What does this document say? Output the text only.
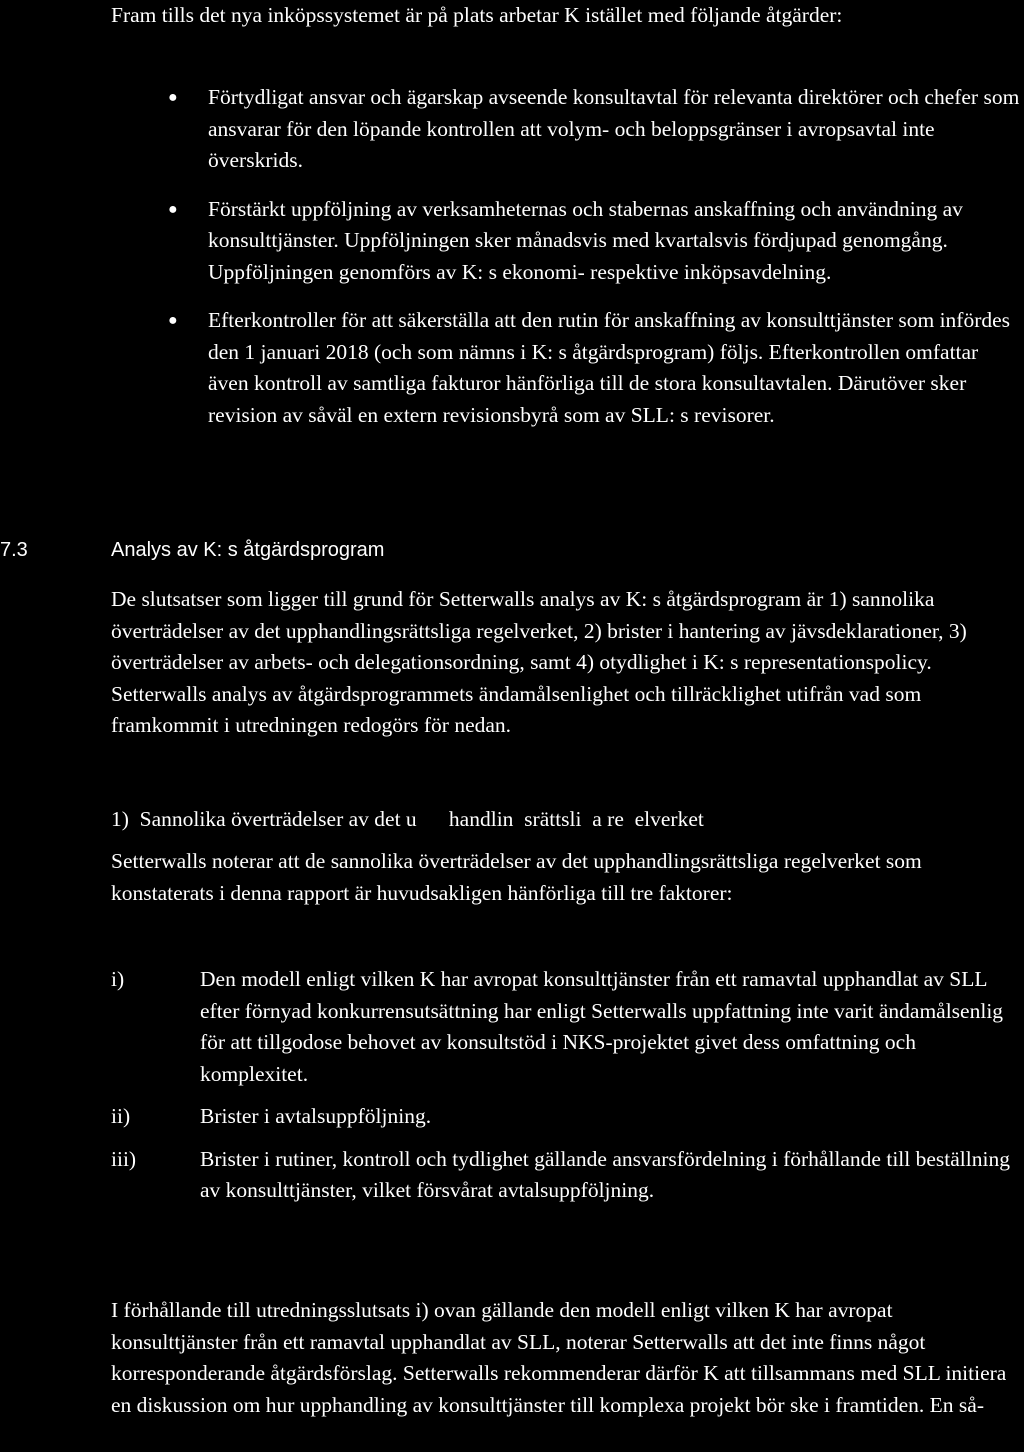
Fram tills det nya inköpssystemet är på plats arbetar K istället med följande åtgärder:

● Förtydligat ansvar och ägarskap avseende konsultavtal för relevanta direktörer och chefer som ansvarar för den löpande kontrollen att volym- och beloppsgränser i avropsavtal inte överskrids.
● Förstärkt uppföljning av verksamheternas och stabernas anskaffning och användning av konsulttjänster. Uppföljningen sker månadsvis med kvartalsvis fördjupad genomgång. Uppföljningen genomförs av K: s ekonomi- respektive inköpsavdelning.
● Efterkontroller för att säkerställa att den rutin för anskaffning av konsulttjänster som infördes den 1 januari 2018 (och som nämns i K: s åtgärdsprogram) följs. Efterkontrollen omfattar även kontroll av samtliga fakturor hänförliga till de stora konsultavtalen. Därutöver sker revision av såväl en extern revisionsbyrå som av SLL: s revisorer.
7.3	Analys av K: s åtgärdsprogram

De slutsatser som ligger till grund för Setterwalls analys av K: s åtgärdsprogram är 1) sannolika överträdelser av det upphandlingsrättsliga regelverket, 2) brister i hantering av jävsdeklarationer, 3) överträdelser av arbets- och delegationsordning, samt 4) otydlighet i K: s representationspolicy. Setterwalls analys av åtgärdsprogrammets ändamålsenlighet och tillräcklighet utifrån vad som framkommit i utredningen redogörs för nedan.

1)  Sannolika överträdelser av det u      handlin  srättsli  a re  elverket

Setterwalls noterar att de sannolika överträdelser av det upphandlingsrättsliga regelverket som konstaterats i denna rapport är huvudsakligen hänförliga till tre faktorer:

i)	Den modell enligt vilken K har avropat konsulttjänster från ett ramavtal upphandlat av SLL efter förnyad konkurrensutsättning har enligt Setterwalls uppfattning inte varit ändamålsenlig för att tillgodose behovet av konsultstöd i NKS-projektet givet dess omfattning och komplexitet.
ii)	Brister i avtalsuppföljning.
iii)	Brister i rutiner, kontroll och tydlighet gällande ansvarsfördelning i förhållande till beställning av konsulttjänster, vilket försvårat avtalsuppföljning.

I förhållande till utredningsslutsats i) ovan gällande den modell enligt vilken K har avropat konsulttjänster från ett ramavtal upphandlat av SLL, noterar Setterwalls att det inte finns något korresponderande åtgärdsförslag. Setterwalls rekommenderar därför K att tillsammans med SLL initiera en diskussion om hur upphandling av konsulttjänster till komplexa projekt bör ske i framtiden. En så-
